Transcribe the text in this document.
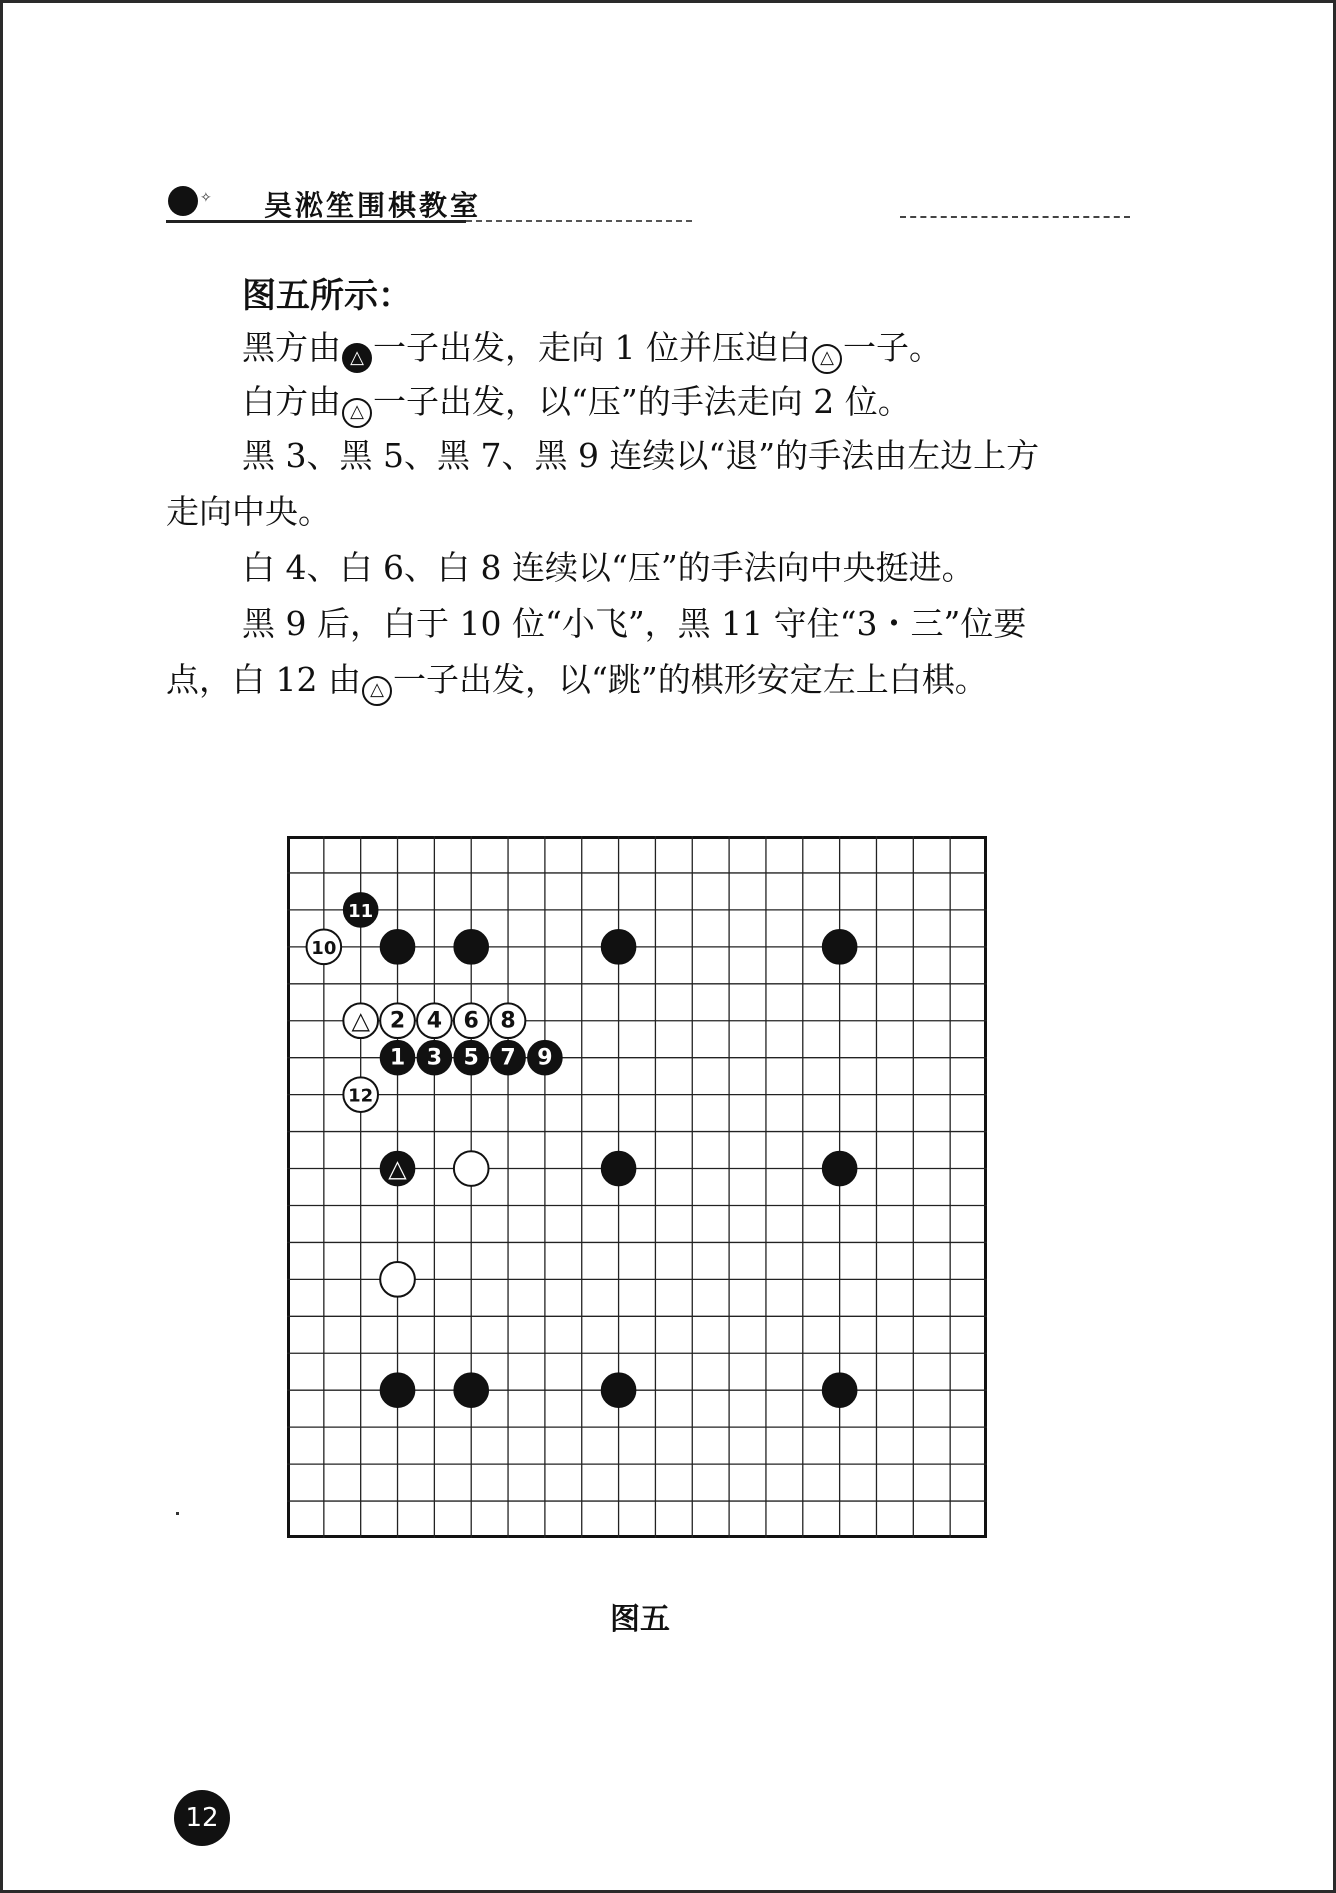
✧ 吴淞笙围棋教室

图五所示：

黑方由 △ 一子出发，走向 1 位并压迫白 △ 一子。

白方由 △ 一子出发，以“压”的手法走向 2 位。

黑 3、黑 5、黑 7、黑 9 连续以“退”的手法由左边上方

走向中央。

白 4、白 6、白 8 连续以“压”的手法向中央挺进。

黑 9 后，白于 10 位“小飞”，黑 11 守住“3・三”位要

点，白 12 由 △ 一子出发，以“跳”的棋形安定左上白棋。

11
10
△ 2 4 6 8
1 3 5 7 9
12
△
图五
12
